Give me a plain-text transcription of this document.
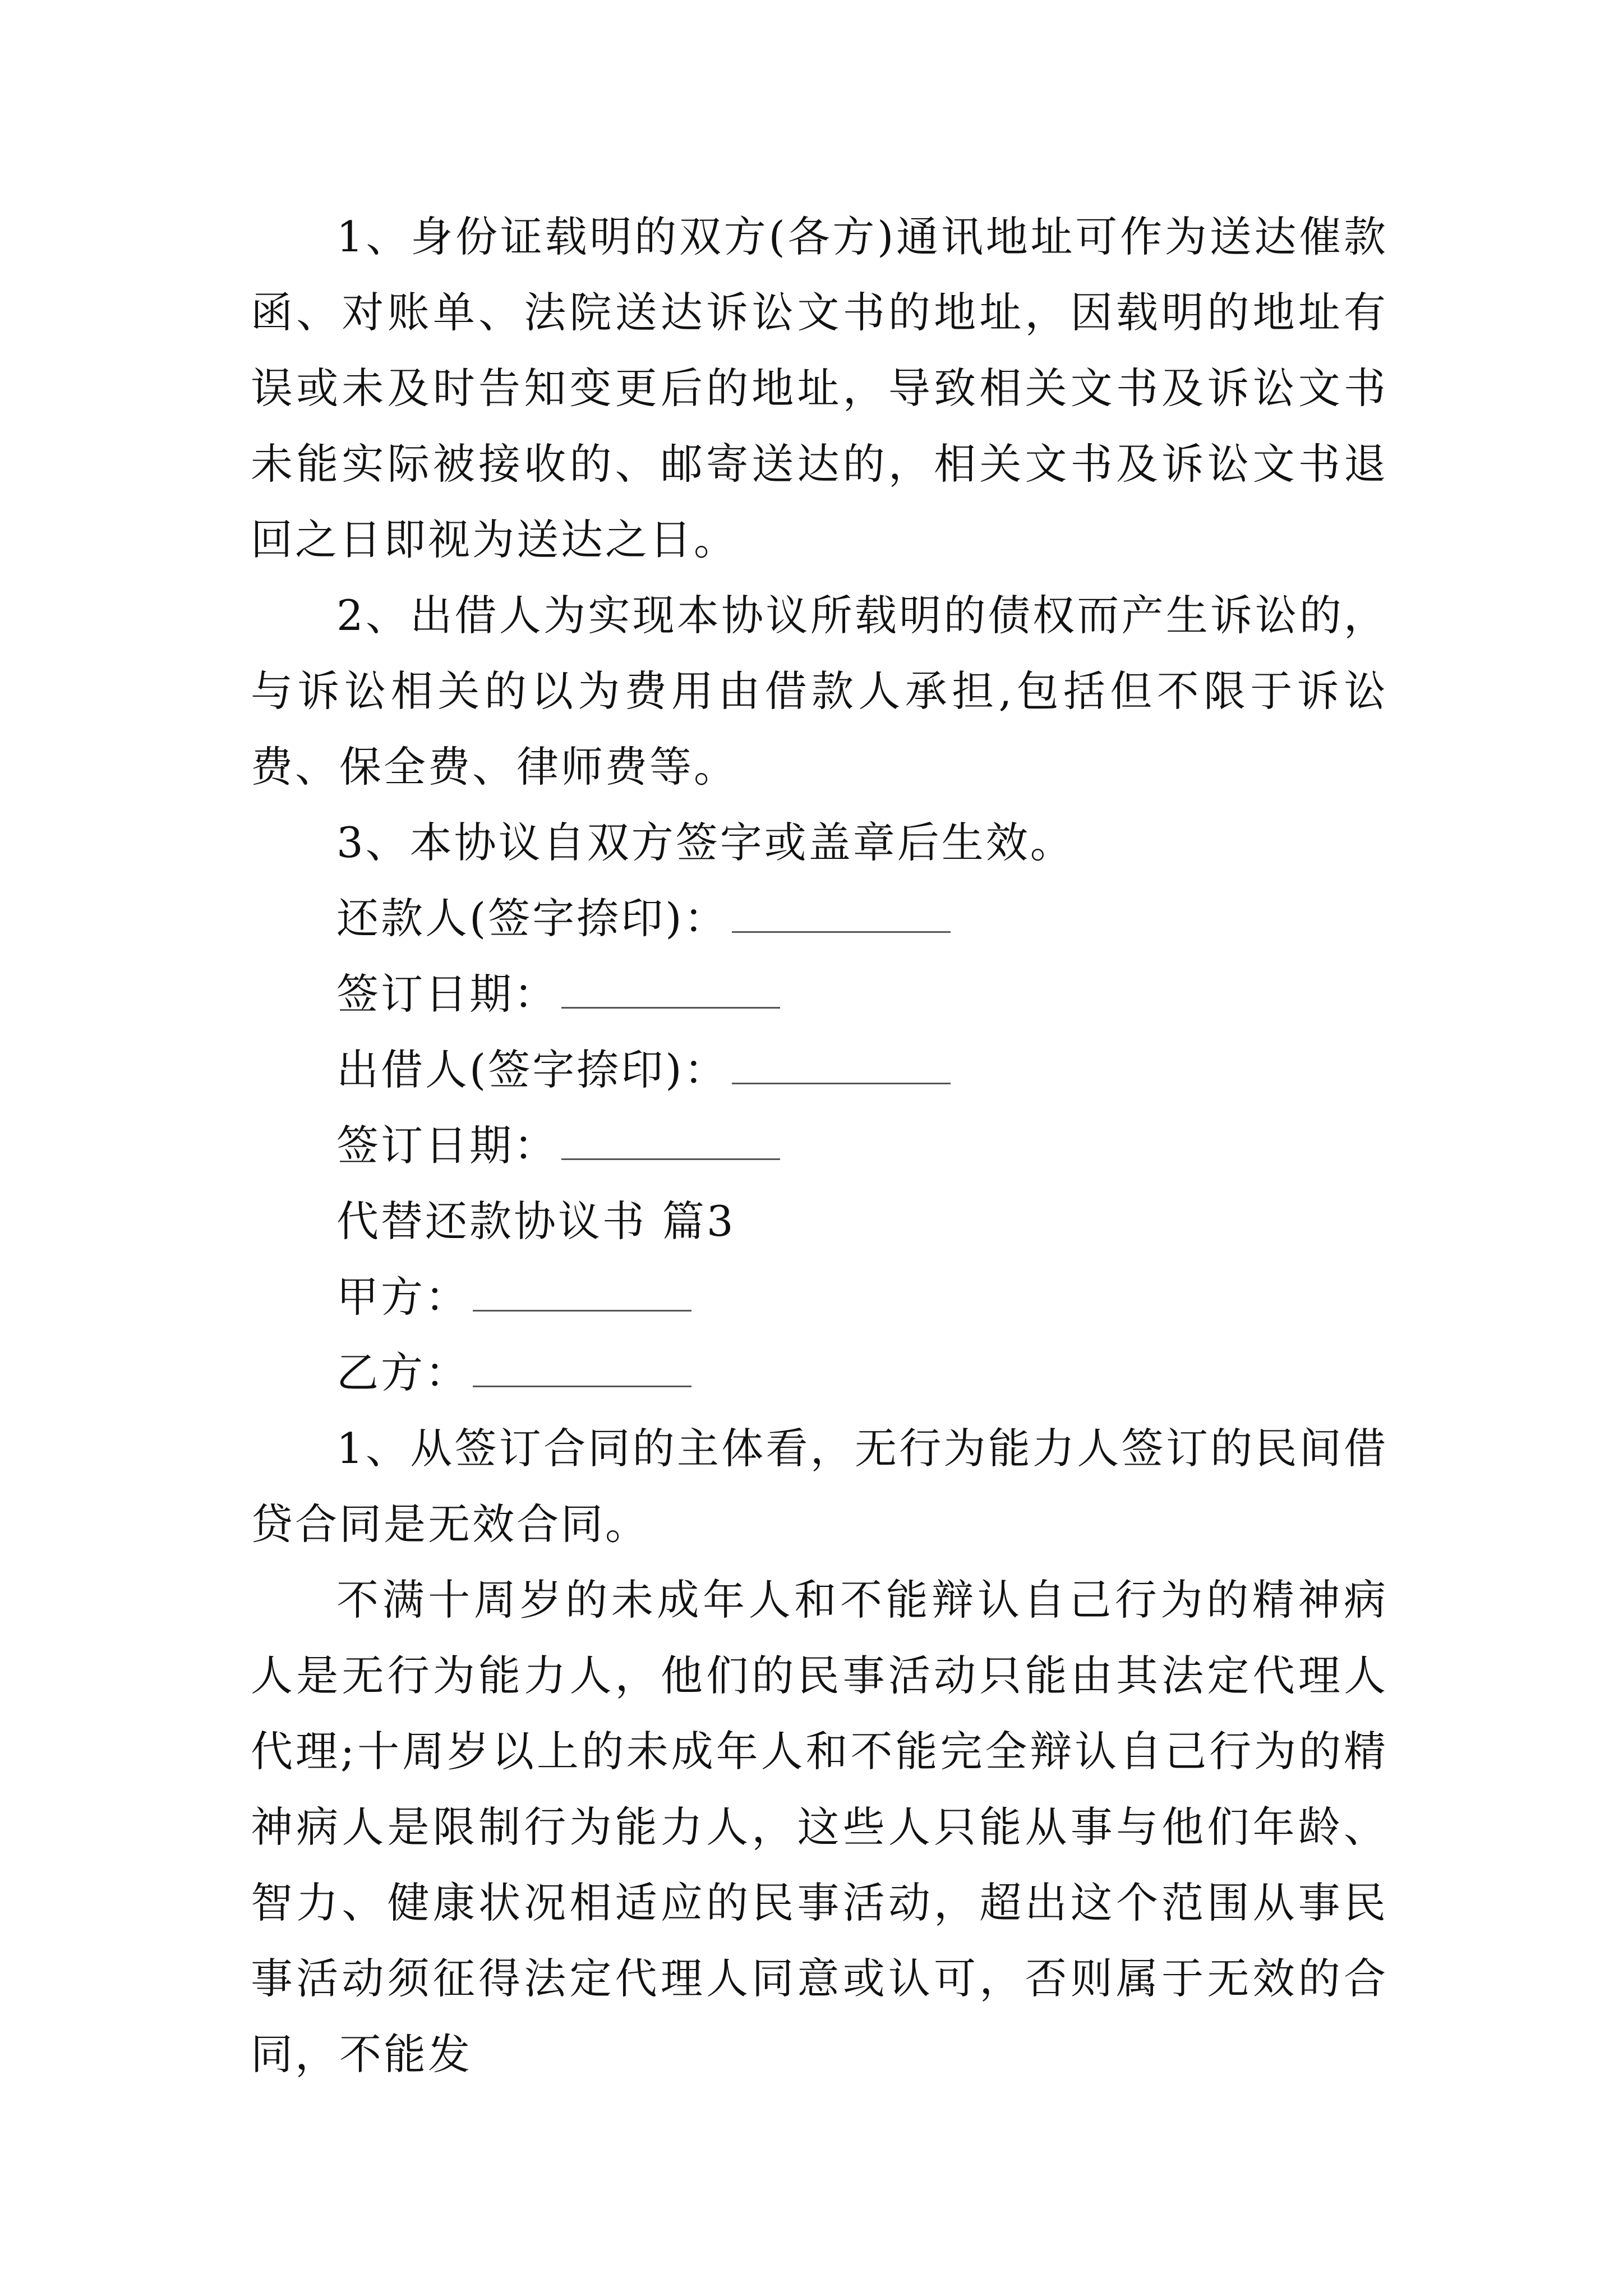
1、身份证载明的双方(各方)通讯地址可作为送达催款函、对账单、法院送达诉讼文书的地址，因载明的地址有误或未及时告知变更后的地址，导致相关文书及诉讼文书未能实际被接收的、邮寄送达的，相关文书及诉讼文书退回之日即视为送达之日。

2、出借人为实现本协议所载明的债权而产生诉讼的，与诉讼相关的以为费用由借款人承担,包括但不限于诉讼费、保全费、律师费等。

3、本协议自双方签字或盖章后生效。

还款人(签字捺印)：

签订日期：

出借人(签字捺印)：

签订日期：

代替还款协议书 篇3

甲方：

乙方：

1、从签订合同的主体看，无行为能力人签订的民间借贷合同是无效合同。

不满十周岁的未成年人和不能辩认自己行为的精神病人是无行为能力人，他们的民事活动只能由其法定代理人代理;十周岁以上的未成年人和不能完全辩认自己行为的精神病人是限制行为能力人，这些人只能从事与他们年龄、智力、健康状况相适应的民事活动，超出这个范围从事民事活动须征得法定代理人同意或认可，否则属于无效的合同，不能发
